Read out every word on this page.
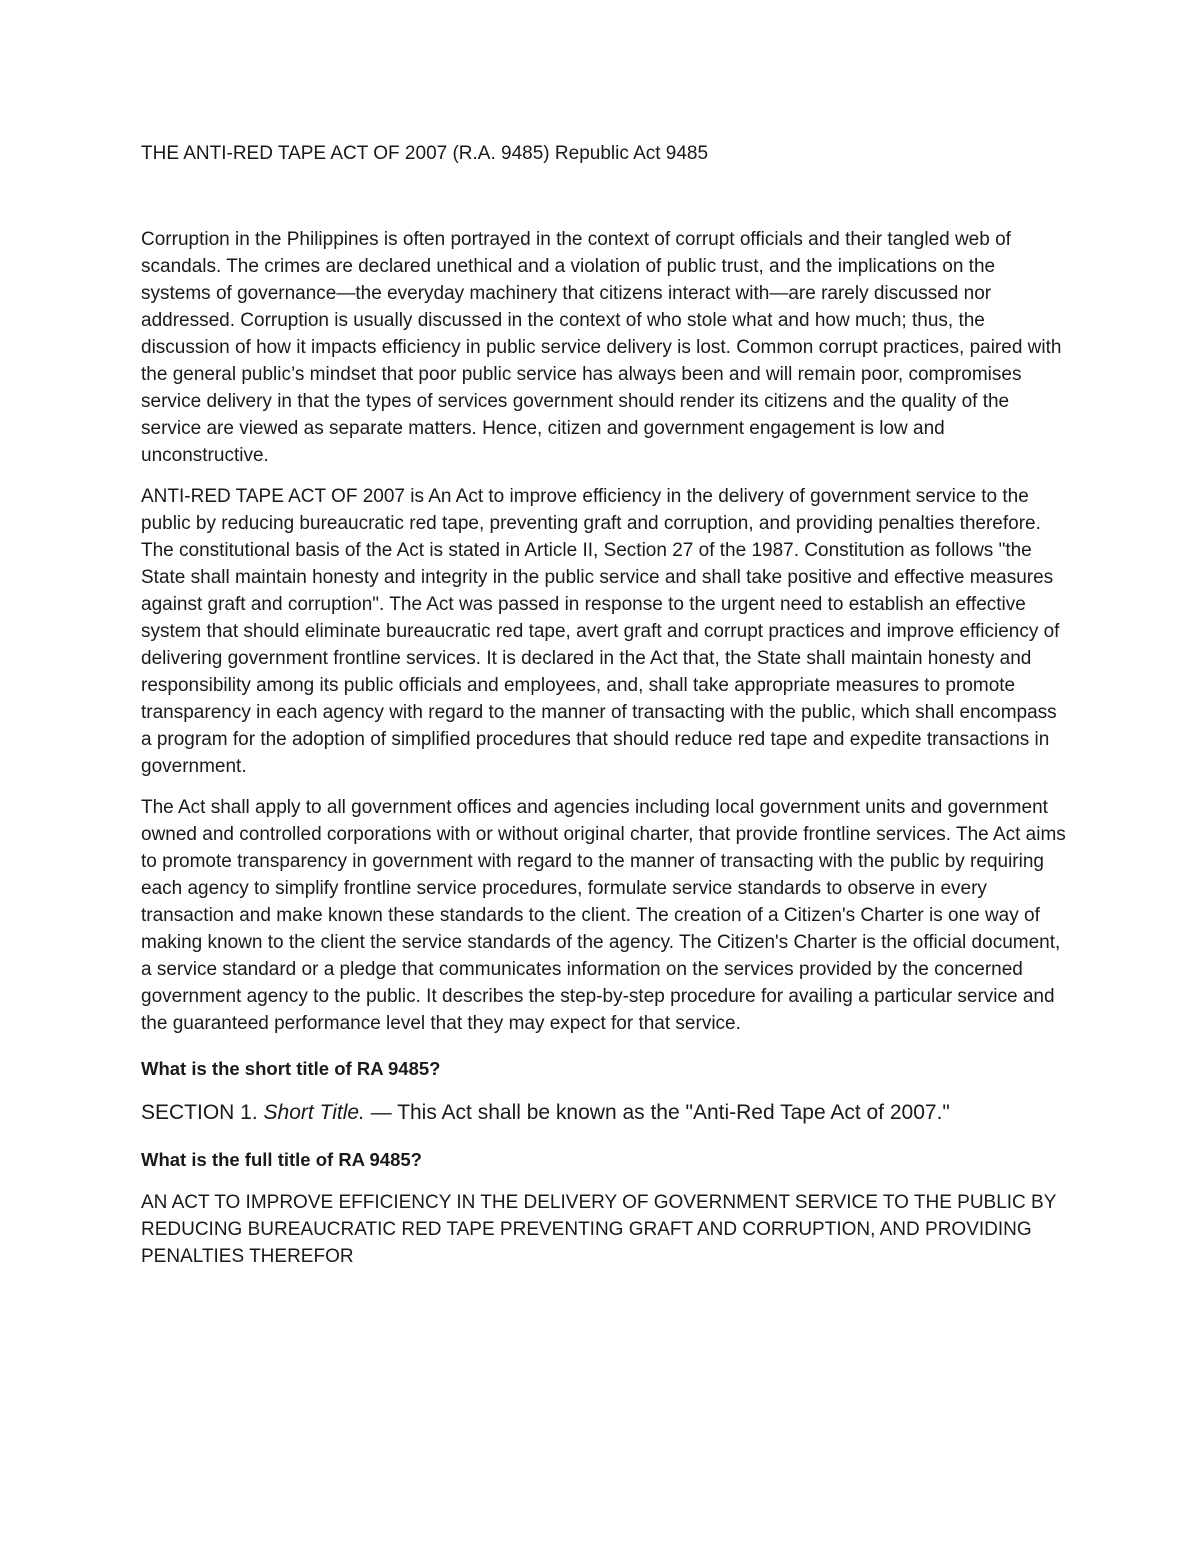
THE ANTI-RED TAPE ACT OF 2007 (R.A. 9485) Republic Act 9485

Corruption in the Philippines is often portrayed in the context of corrupt officials and their tangled web of scandals. The crimes are declared unethical and a violation of public trust, and the implications on the systems of governance—the everyday machinery that citizens interact with—are rarely discussed nor addressed. Corruption is usually discussed in the context of who stole what and how much; thus, the discussion of how it impacts efficiency in public service delivery is lost. Common corrupt practices, paired with the general public’s mindset that poor public service has always been and will remain poor, compromises service delivery in that the types of services government should render its citizens and the quality of the service are viewed as separate matters. Hence, citizen and government engagement is low and unconstructive.

ANTI-RED TAPE ACT OF 2007 is An Act to improve efficiency in the delivery of government service to the public by reducing bureaucratic red tape, preventing graft and corruption, and providing penalties therefore. The constitutional basis of the Act is stated in Article II, Section 27 of the 1987. Constitution as follows "the State shall maintain honesty and integrity in the public service and shall take positive and effective measures against graft and corruption". The Act was passed in response to the urgent need to establish an effective system that should eliminate bureaucratic red tape, avert graft and corrupt practices and improve efficiency of delivering government frontline services. It is declared in the Act that, the State shall maintain honesty and responsibility among its public officials and employees, and, shall take appropriate measures to promote transparency in each agency with regard to the manner of transacting with the public, which shall encompass a program for the adoption of simplified procedures that should reduce red tape and expedite transactions in government.

The Act shall apply to all government offices and agencies including local government units and government owned and controlled corporations with or without original charter, that provide frontline services. The Act aims to promote transparency in government with regard to the manner of transacting with the public by requiring each agency to simplify frontline service procedures, formulate service standards to observe in every transaction and make known these standards to the client. The creation of a Citizen's Charter is one way of making known to the client the service standards of the agency. The Citizen's Charter is the official document, a service standard or a pledge that communicates information on the services provided by the concerned government agency to the public. It describes the step-by-step procedure for availing a particular service and the guaranteed performance level that they may expect for that service.

What is the short title of RA 9485?

SECTION 1. Short Title. — This Act shall be known as the "Anti-Red Tape Act of 2007."

What is the full title of RA 9485?

AN ACT TO IMPROVE EFFICIENCY IN THE DELIVERY OF GOVERNMENT SERVICE TO THE PUBLIC BY REDUCING BUREAUCRATIC RED TAPE PREVENTING GRAFT AND CORRUPTION, AND PROVIDING PENALTIES THEREFOR
